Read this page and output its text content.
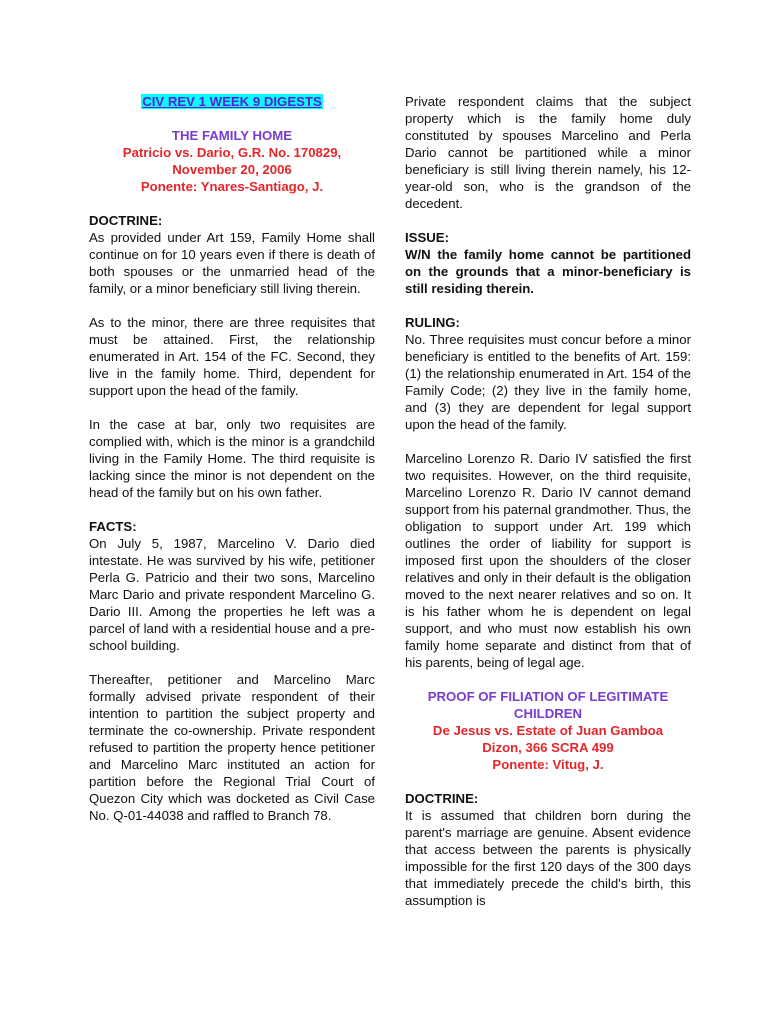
CIV REV 1 WEEK 9 DIGESTS

THE FAMILY HOME

Patricio vs. Dario, G.R. No. 170829,

November 20, 2006

Ponente: Ynares-Santiago, J.

DOCTRINE:

As provided under Art 159, Family Home shall continue on for 10 years even if there is death of both spouses or the unmarried head of the family, or a minor beneficiary still living therein.

As to the minor, there are three requisites that must be attained. First, the relationship enumerated in Art. 154 of the FC. Second, they live in the family home. Third, dependent for support upon the head of the family.

In the case at bar, only two requisites are complied with, which is the minor is a grandchild living in the Family Home. The third requisite is lacking since the minor is not dependent on the head of the family but on his own father.

FACTS:

On July 5, 1987, Marcelino V. Dario died intestate. He was survived by his wife, petitioner Perla G. Patricio and their two sons, Marcelino Marc Dario and private respondent Marcelino G. Dario III. Among the properties he left was a parcel of land with a residential house and a pre-school building.

Thereafter, petitioner and Marcelino Marc formally advised private respondent of their intention to partition the subject property and terminate the co-ownership. Private respondent refused to partition the property hence petitioner and Marcelino Marc instituted an action for partition before the Regional Trial Court of Quezon City which was docketed as Civil Case No. Q-01-44038 and raffled to Branch 78.

Private respondent claims that the subject property which is the family home duly constituted by spouses Marcelino and Perla Dario cannot be partitioned while a minor beneficiary is still living therein namely, his 12-year-old son, who is the grandson of the decedent.

ISSUE:

W/N the family home cannot be partitioned on the grounds that a minor-beneficiary is still residing therein.

RULING:

No. Three requisites must concur before a minor beneficiary is entitled to the benefits of Art. 159: (1) the relationship enumerated in Art. 154 of the Family Code; (2) they live in the family home, and (3) they are dependent for legal support upon the head of the family.

Marcelino Lorenzo R. Dario IV satisfied the first two requisites. However, on the third requisite, Marcelino Lorenzo R. Dario IV cannot demand support from his paternal grandmother. Thus, the obligation to support under Art. 199 which outlines the order of liability for support is imposed first upon the shoulders of the closer relatives and only in their default is the obligation moved to the next nearer relatives and so on. It is his father whom he is dependent on legal support, and who must now establish his own family home separate and distinct from that of his parents, being of legal age.

PROOF OF FILIATION OF LEGITIMATE CHILDREN

De Jesus vs. Estate of Juan Gamboa

Dizon, 366 SCRA 499

Ponente: Vitug, J.

DOCTRINE:

It is assumed that children born during the parent's marriage are genuine. Absent evidence that access between the parents is physically impossible for the first 120 days of the 300 days that immediately precede the child's birth, this assumption is
